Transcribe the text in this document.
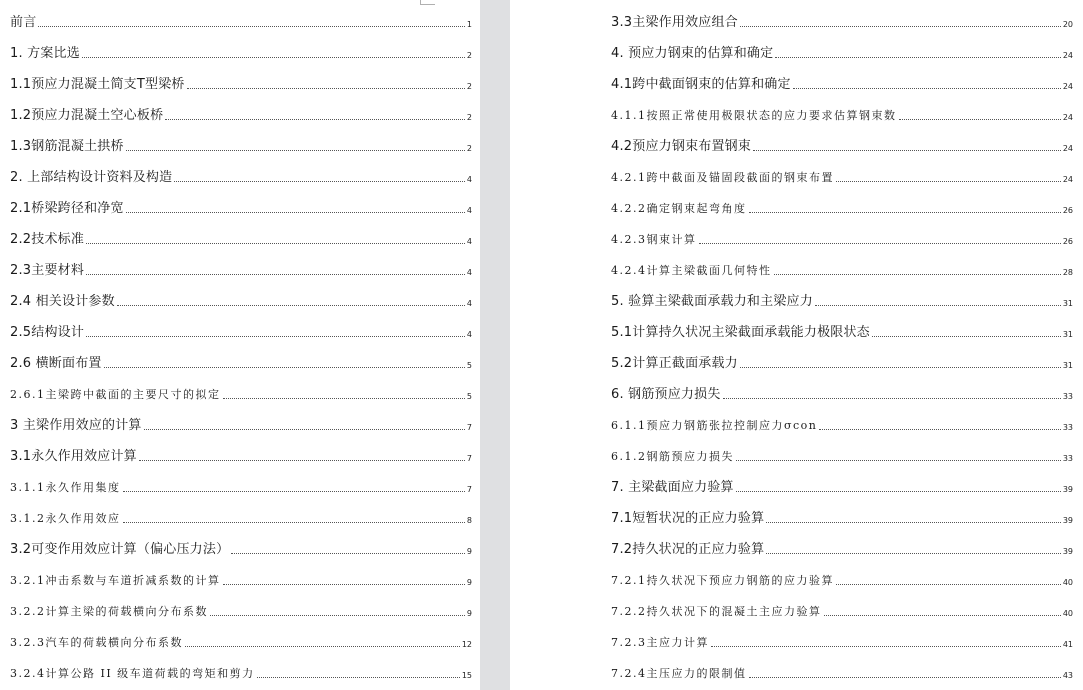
前言	1
1. 方案比选	2
1.1预应力混凝土简支T型梁桥	2
1.2预应力混凝土空心板桥	2
1.3钢筋混凝土拱桥	2
2. 上部结构设计资料及构造	4
2.1桥梁跨径和净宽	4
2.2技术标准	4
2.3主要材料	4
2.4 相关设计参数	4
2.5结构设计	4
2.6 横断面布置	5
2.6.1主梁跨中截面的主要尺寸的拟定	5
3 主梁作用效应的计算	7
3.1永久作用效应计算	7
3.1.1永久作用集度	7
3.1.2永久作用效应	8
3.2可变作用效应计算（偏心压力法）	9
3.2.1冲击系数与车道折减系数的计算	9
3.2.2计算主梁的荷载横向分布系数	9
3.2.3汽车的荷载横向分布系数	12
3.2.4计算公路 II 级车道荷载的弯矩和剪力	15
3.3主梁作用效应组合	20
4. 预应力钢束的估算和确定	24
4.1跨中截面钢束的估算和确定	24
4.1.1按照正常使用极限状态的应力要求估算钢束数	24
4.2预应力钢束布置钢束	24
4.2.1跨中截面及锚固段截面的钢束布置	24
4.2.2确定钢束起弯角度	26
4.2.3钢束计算	26
4.2.4计算主梁截面几何特性	28
5. 验算主梁截面承载力和主梁应力	31
5.1计算持久状况主梁截面承载能力极限状态	31
5.2计算正截面承载力	31
6. 钢筋预应力损失	33
6.1.1预应力钢筋张拉控制应力σcon	33
6.1.2钢筋预应力损失	33
7. 主梁截面应力验算	39
7.1短暂状况的正应力验算	39
7.2持久状况的正应力验算	39
7.2.1持久状况下预应力钢筋的应力验算	40
7.2.2持久状况下的混凝土主应力验算	40
7.2.3主应力计算	41
7.2.4主压应力的限制值	43
